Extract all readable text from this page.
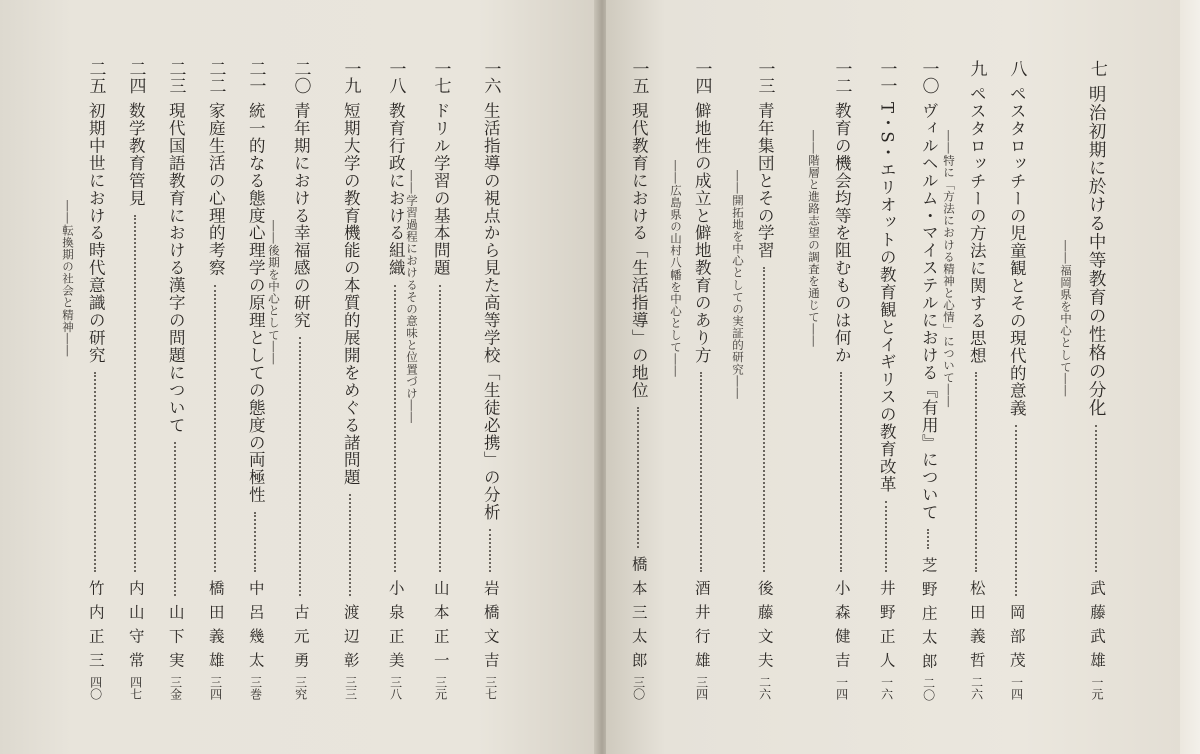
一六
生活指導の視点から見た高等学校「生徒必携」の分析
岩橋文吉
三七
一七
ドリル学習の基本問題
山本正一
三元
――学習過程におけるその意味と位置づけ――
一八
教育行政における組織
小泉正美
三八
一九
短期大学の教育機能の本質的展開をめぐる諸問題
渡辺彰
三三
二〇
青年期における幸福感の研究
古元勇
三究
――後期を中心として――
二一
統一的なる態度心理学の原理としての態度の両極性
中呂幾太
三巻
二二
家庭生活の心理的考察
橋田義雄
三四
二三
現代国語教育における漢字の問題について
山下実
三金
二四
数学教育管見
内山守常
四七
二五
初期中世における時代意識の研究
竹内正三
四〇
――転換期の社会と精神――
七
明治初期に於ける中等教育の性格の分化
武藤武雄
一元
――福岡県を中心として――
八
ペスタロッチーの児童観とその現代的意義
岡部茂
一四
九
ペスタロッチーの方法に関する思想
松田義哲
二六
――特に「方法における精神と心情」について――
一〇
ヴィルヘルム・マイステルにおける『有用』について
芝野庄太郎
二〇
一一
T・S・エリオットの教育観とイギリスの教育改革
井野正人
一六
一二
教育の機会均等を阻むものは何か
小森健吉
一四
――階層と進路志望の調査を通じて――
一三
青年集団とその学習
後藤文夫
二六
――開拓地を中心としての実証的研究――
一四
僻地性の成立と僻地教育のあり方
酒井行雄
三四
――広島県の山村八幡を中心として――
一五
現代教育における「生活指導」の地位
橋本三太郎
三〇
